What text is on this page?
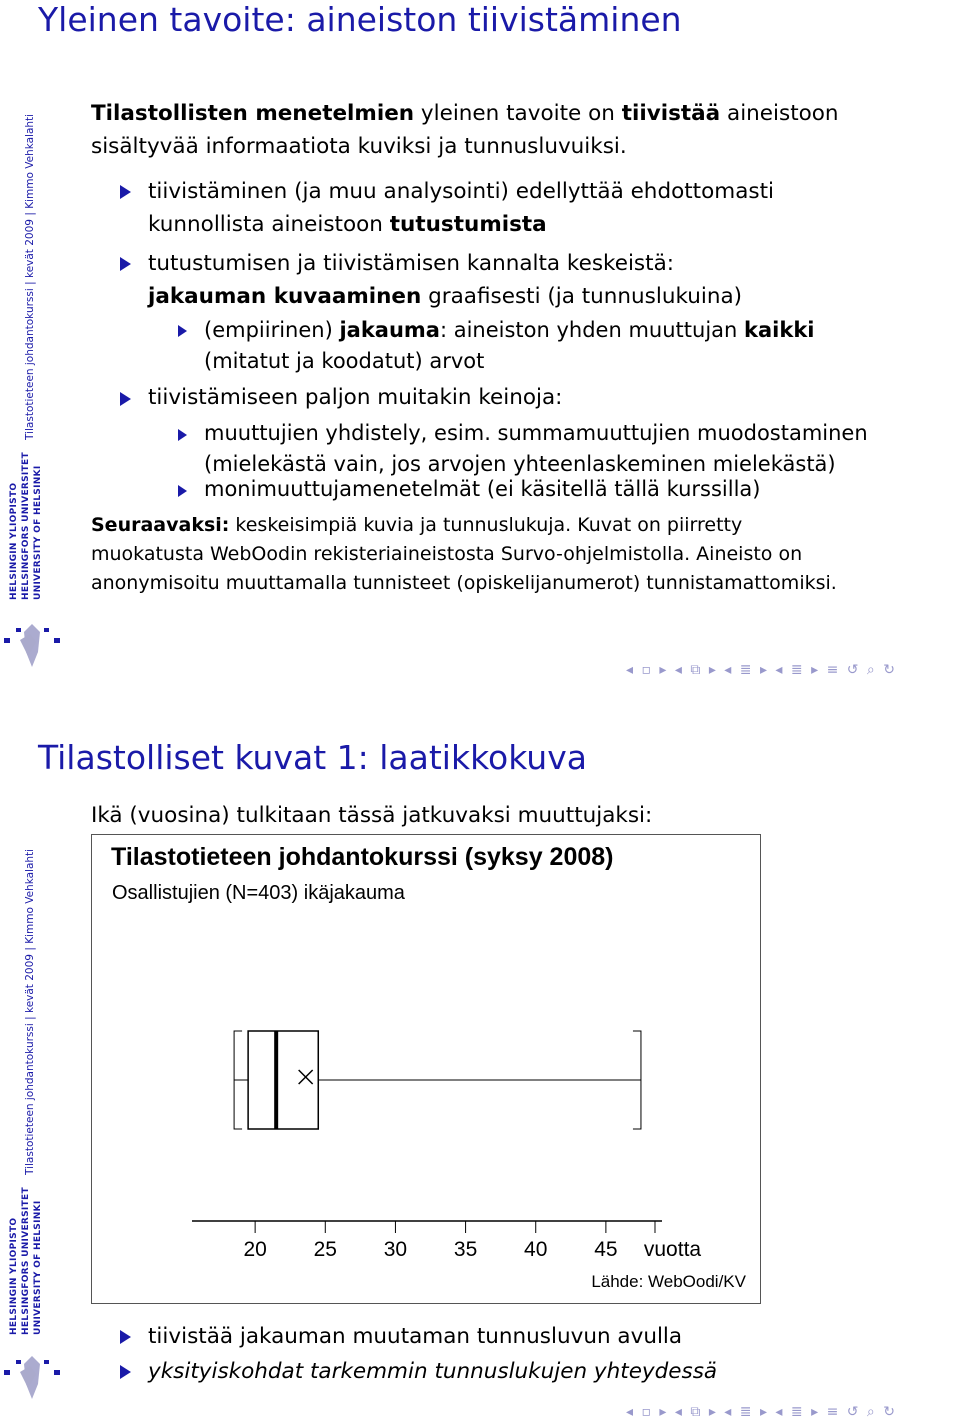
Yleinen tavoite: aineiston tiivistäminen
Tilastotieteen johdantokurssi | kevät 2009 | Kimmo Vehkalahti
HELSINGIN YLIOPISTO HELSINGFORS UNIVERSITET UNIVERSITY OF HELSINKI
Tilastollisten menetelmien yleinen tavoite on tiivistää aineistoon
sisältyvää informaatiota kuviksi ja tunnusluvuiksi.
tiivistäminen (ja muu analysointi) edellyttää ehdottomasti
kunnollista aineistoon tutustumista
tutustumisen ja tiivistämisen kannalta keskeistä:
jakauman kuvaaminen graafisesti (ja tunnuslukuina)
(empiirinen) jakauma: aineiston yhden muuttujan kaikki
(mitatut ja koodatut) arvot
tiivistämiseen paljon muitakin keinoja:
muuttujien yhdistely, esim. summamuuttujien muodostaminen
(mielekästä vain, jos arvojen yhteenlaskeminen mielekästä)
monimuuttujamenetelmät (ei käsitellä tällä kurssilla)
Seuraavaksi: keskeisimpiä kuvia ja tunnuslukuja. Kuvat on piirretty
muokatusta WebOodin rekisteriaineistosta Survo-ohjelmistolla. Aineisto on
anonymisoitu muuttamalla tunnisteet (opiskelijanumerot) tunnistamattomiksi.
◂ ▫ ▸ ◂ ⧉ ▸ ◂ ≣ ▸ ◂ ≣ ▸ ≡ ↺ ⌕ ↻
Tilastolliset kuvat 1: laatikkokuva
Tilastotieteen johdantokurssi | kevät 2009 | Kimmo Vehkalahti
HELSINGIN YLIOPISTO HELSINGFORS UNIVERSITET UNIVERSITY OF HELSINKI
Ikä (vuosina) tulkitaan tässä jatkuvaksi muuttujaksi:
tiivistää jakauman muutaman tunnusluvun avulla
yksityiskohdat tarkemmin tunnuslukujen yhteydessä
◂ ▫ ▸ ◂ ⧉ ▸ ◂ ≣ ▸ ◂ ≣ ▸ ≡ ↺ ⌕ ↻
Tilastotieteen johdantokurssi (syksy 2008)
Osallistujien (N=403) ikäjakauma
20 25 30 35 40 45 vuotta
Lähde: WebOodi/KV
